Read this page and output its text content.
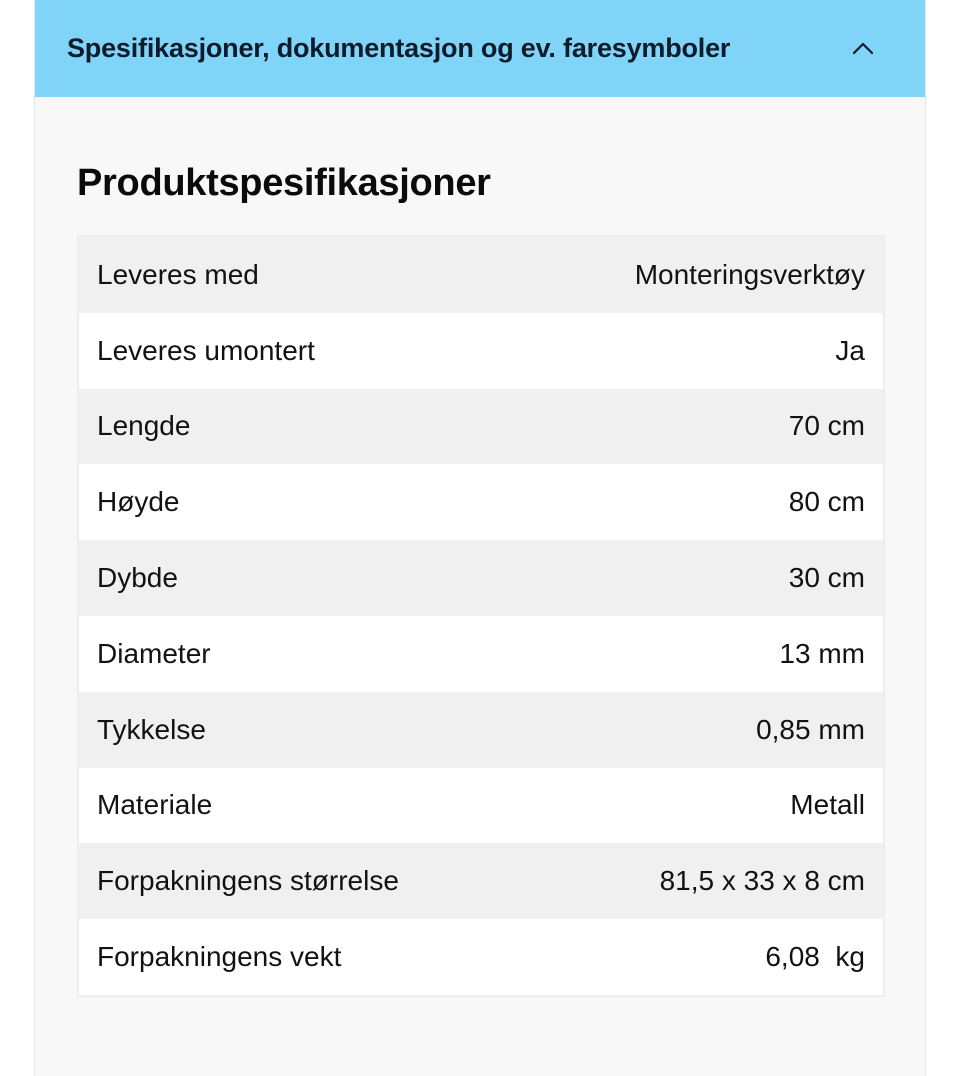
Spesifikasjoner, dokumentasjon og ev. faresymboler
Produktspesifikasjoner
Leveres med	Monteringsverktøy
Leveres umontert	Ja
Lengde	70 cm
Høyde	80 cm
Dybde	30 cm
Diameter	13 mm
Tykkelse	0,85 mm
Materiale	Metall
Forpakningens størrelse	81,5 x 33 x 8 cm
Forpakningens vekt	6,08  kg
